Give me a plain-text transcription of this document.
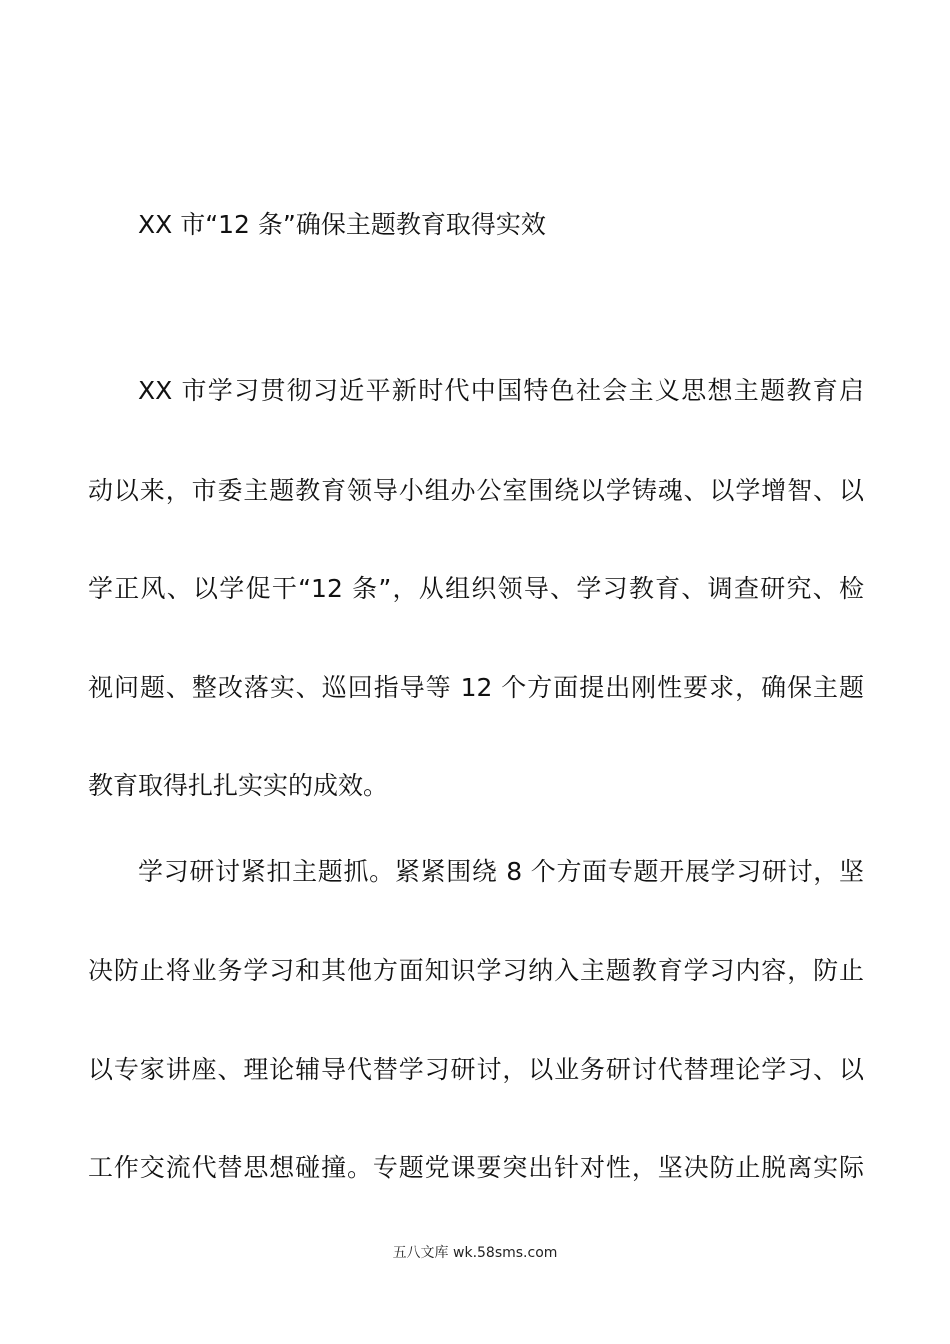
XX 市“12 条”确保主题教育取得实效
XX 市学习贯彻习近平新时代中国特色社会主义思想主题教育启
动以来，市委主题教育领导小组办公室围绕以学铸魂、以学增智、以
学正风、以学促干“12 条”，从组织领导、学习教育、调查研究、检
视问题、整改落实、巡回指导等 12 个方面提出刚性要求，确保主题
教育取得扎扎实实的成效。
学习研讨紧扣主题抓。紧紧围绕 8 个方面专题开展学习研讨，坚
决防止将业务学习和其他方面知识学习纳入主题教育学习内容，防止
以专家讲座、理论辅导代替学习研讨，以业务研讨代替理论学习、以
工作交流代替思想碰撞。专题党课要突出针对性，坚决防止脱离实际
五八文库 wk.58sms.com
